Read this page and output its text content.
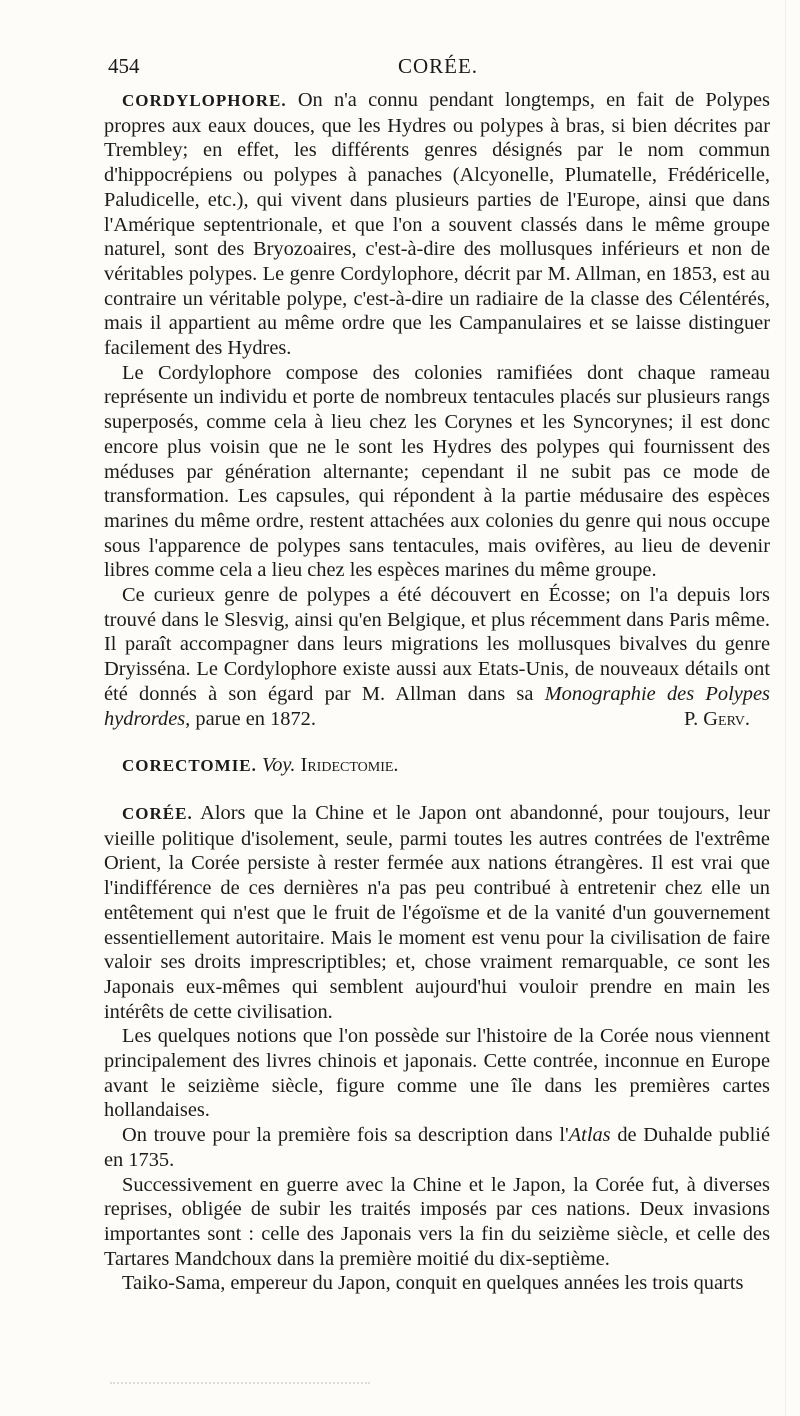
454	CORÉE.

CORDYLOPHORE. On n'a connu pendant longtemps, en fait de Polypes propres aux eaux douces, que les Hydres ou polypes à bras, si bien décrites par Trembley; en effet, les différents genres désignés par le nom commun d'hippocrépiens ou polypes à panaches (Alcyonelle, Plumatelle, Frédéricelle, Paludicelle, etc.), qui vivent dans plusieurs parties de l'Europe, ainsi que dans l'Amérique septentrionale, et que l'on a souvent classés dans le même groupe naturel, sont des Bryozoaires, c'est-à-dire des mollusques inférieurs et non de véritables polypes. Le genre Cordylophore, décrit par M. Allman, en 1853, est au contraire un véritable polype, c'est-à-dire un radiaire de la classe des Célentérés, mais il appartient au même ordre que les Campanulaires et se laisse distinguer facilement des Hydres.

Le Cordylophore compose des colonies ramifiées dont chaque rameau représente un individu et porte de nombreux tentacules placés sur plusieurs rangs superposés, comme cela à lieu chez les Corynes et les Syncorynes; il est donc encore plus voisin que ne le sont les Hydres des polypes qui fournissent des méduses par génération alternante; cependant il ne subit pas ce mode de transformation. Les capsules, qui répondent à la partie médusaire des espèces marines du même ordre, restent attachées aux colonies du genre qui nous occupe sous l'apparence de polypes sans tentacules, mais ovifères, au lieu de devenir libres comme cela a lieu chez les espèces marines du même groupe.

Ce curieux genre de polypes a été découvert en Écosse; on l'a depuis lors trouvé dans le Slesvig, ainsi qu'en Belgique, et plus récemment dans Paris même. Il paraît accompagner dans leurs migrations les mollusques bivalves du genre Dryisséna. Le Cordylophore existe aussi aux Etats-Unis, de nouveaux détails ont été donnés à son égard par M. Allman dans sa Monographie des Polypes hydrordes, parue en 1872.	P. Gerv.

CORECTOMIE. Voy. Iridectomie.

CORÉE. Alors que la Chine et le Japon ont abandonné, pour toujours, leur vieille politique d'isolement, seule, parmi toutes les autres contrées de l'extrême Orient, la Corée persiste à rester fermée aux nations étrangères. Il est vrai que l'indifférence de ces dernières n'a pas peu contribué à entretenir chez elle un entêtement qui n'est que le fruit de l'égoïsme et de la vanité d'un gouvernement essentiellement autoritaire. Mais le moment est venu pour la civilisation de faire valoir ses droits imprescriptibles; et, chose vraiment remarquable, ce sont les Japonais eux-mêmes qui semblent aujourd'hui vouloir prendre en main les intérêts de cette civilisation.

Les quelques notions que l'on possède sur l'histoire de la Corée nous viennent principalement des livres chinois et japonais. Cette contrée, inconnue en Europe avant le seizième siècle, figure comme une île dans les premières cartes hollandaises.

On trouve pour la première fois sa description dans l'Atlas de Duhalde publié en 1735.

Successivement en guerre avec la Chine et le Japon, la Corée fut, à diverses reprises, obligée de subir les traités imposés par ces nations. Deux invasions importantes sont : celle des Japonais vers la fin du seizième siècle, et celle des Tartares Mandchoux dans la première moitié du dix-septième.

Taiko-Sama, empereur du Japon, conquit en quelques années les trois quarts
